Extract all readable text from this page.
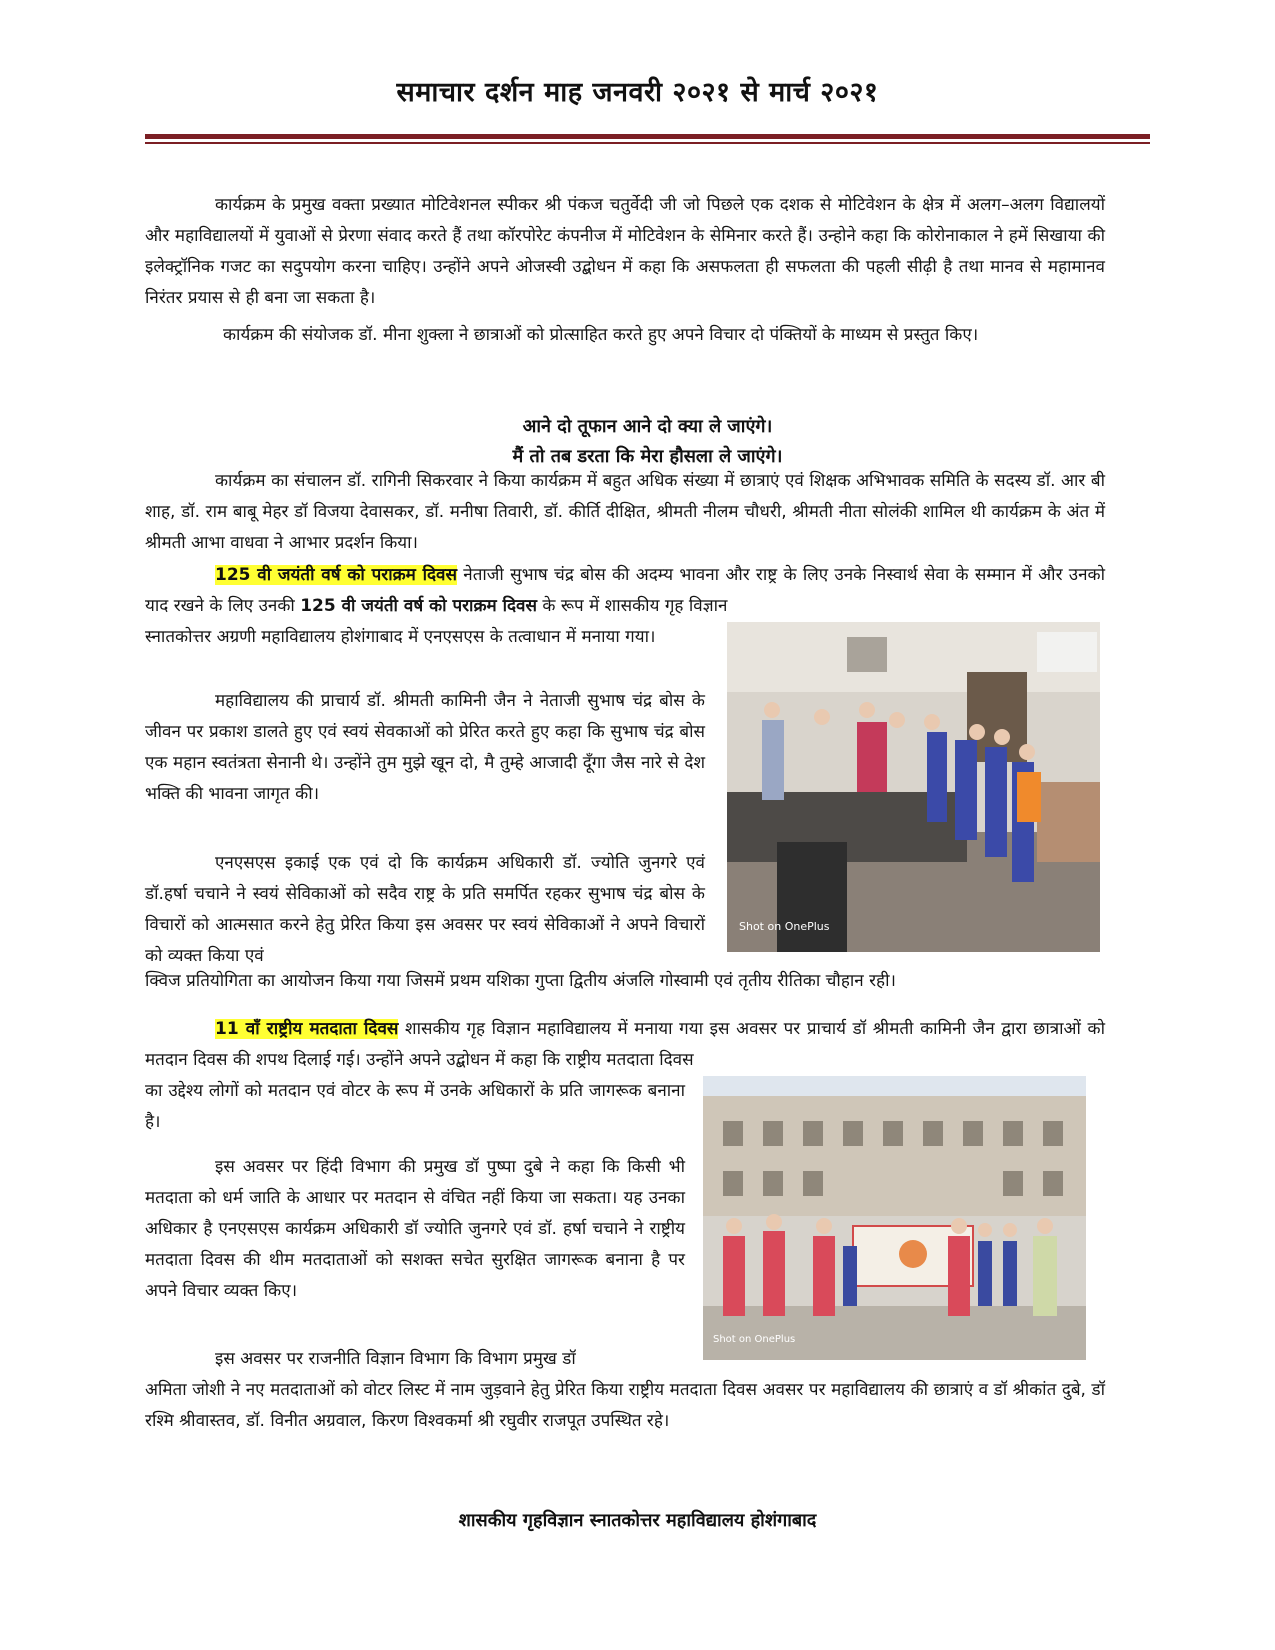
समाचार दर्शन माह जनवरी २०२१ से मार्च २०२१

कार्यक्रम के प्रमुख वक्ता प्रख्यात मोटिवेशनल स्पीकर श्री पंकज चतुर्वेदी जी जो पिछले एक दशक से मोटिवेशन के क्षेत्र में अलग–अलग विद्यालयों और महाविद्यालयों में युवाओं से प्रेरणा संवाद करते हैं तथा कॉरपोरेट कंपनीज में मोटिवेशन के सेमिनार करते हैं। उन्होने कहा कि कोरोनाकाल ने हमें सिखाया की इलेक्ट्रॉनिक गजट का सदुपयोग करना चाहिए। उन्होंने अपने ओजस्वी उद्बोधन में कहा कि असफलता ही सफलता की पहली सीढ़ी है तथा मानव से महामानव निरंतर प्रयास से ही बना जा सकता है।

कार्यक्रम की संयोजक डॉ. मीना शुक्ला ने छात्राओं को प्रोत्साहित करते हुए अपने विचार दो पंक्तियों के माध्यम से प्रस्तुत किए।

आने दो तूफान आने दो क्या ले जाएंगे।
मैं तो तब डरता कि मेरा हौसला ले जाएंगे।

कार्यक्रम का संचालन डॉ. रागिनी सिकरवार ने किया कार्यक्रम में बहुत अधिक संख्या में छात्राएं एवं शिक्षक अभिभावक समिति के सदस्य डॉ. आर बी शाह, डॉ. राम बाबू मेहर डॉ विजया देवासकर, डॉ. मनीषा तिवारी, डॉ. कीर्ति दीक्षित, श्रीमती नीलम चौधरी, श्रीमती नीता सोलंकी शामिल थी कार्यक्रम के अंत में श्रीमती आभा वाधवा ने आभार प्रदर्शन किया।

125 वी जयंती वर्ष को पराक्रम दिवस नेताजी सुभाष चंद्र बोस की अदम्य भावना और राष्ट्र के लिए उनके निस्वार्थ सेवा के सम्मान में और उनको याद रखने के लिए उनकी 125 वी जयंती वर्ष को पराक्रम दिवस के रूप में शासकीय गृह विज्ञान

स्नातकोत्तर अग्रणी महाविद्यालय होशंगाबाद में एनएसएस के तत्वाधान में मनाया गया।

Shot on OnePlus

महाविद्यालय की प्राचार्य डॉ. श्रीमती कामिनी जैन ने नेताजी सुभाष चंद्र बोस के जीवन पर प्रकाश डालते हुए एवं स्वयं सेवकाओं को प्रेरित करते हुए कहा कि सुभाष चंद्र बोस एक महान स्वतंत्रता सेनानी थे। उन्होंने तुम मुझे खून दो, मै तुम्हे आजादी दूँगा जैस नारे से देश भक्ति की भावना जागृत की।

एनएसएस इकाई एक एवं दो कि कार्यक्रम अधिकारी डॉ. ज्योति जुनगरे एवं डॉ.हर्षा चचाने ने स्वयं सेविकाओं को सदैव राष्ट्र के प्रति समर्पित रहकर सुभाष चंद्र बोस के विचारों को आत्मसात करने हेतु प्रेरित किया इस अवसर पर स्वयं सेविकाओं ने अपने विचारों को व्यक्त किया एवं

क्विज प्रतियोगिता का आयोजन किया गया जिसमें प्रथम यशिका गुप्ता द्वितीय अंजलि गोस्वामी एवं तृतीय रीतिका चौहान रही।

11 वॉं राष्ट्रीय मतदाता दिवस शासकीय गृह विज्ञान महाविद्यालय में मनाया गया इस अवसर पर प्राचार्य डॉ श्रीमती कामिनी जैन द्वारा छात्राओं को मतदान दिवस की शपथ दिलाई गई। उन्होंने अपने उद्बोधन में कहा कि राष्ट्रीय मतदाता दिवस

का उद्देश्य लोगों को मतदान एवं वोटर के रूप में उनके अधिकारों के प्रति जागरूक बनाना है।

Shot on OnePlus

इस अवसर पर हिंदी विभाग की प्रमुख डॉ पुष्पा दुबे ने कहा कि किसी भी मतदाता को धर्म जाति के आधार पर मतदान से वंचित नहीं किया जा सकता। यह उनका अधिकार है एनएसएस कार्यक्रम अधिकारी डॉ ज्योति जुनगरे एवं डॉ. हर्षा चचाने ने राष्ट्रीय मतदाता दिवस की थीम मतदाताओं को सशक्त सचेत सुरक्षित जागरूक बनाना है पर अपने विचार व्यक्त किए।

इस अवसर पर राजनीति विज्ञान विभाग कि विभाग प्रमुख डॉ

अमिता जोशी ने नए मतदाताओं को वोटर लिस्ट में नाम जुड़वाने हेतु प्रेरित किया राष्ट्रीय मतदाता दिवस अवसर पर महाविद्यालय की छात्राएं व डॉ श्रीकांत दुबे, डॉ रश्मि श्रीवास्तव, डॉ. विनीत अग्रवाल, किरण विश्वकर्मा श्री रघुवीर राजपूत उपस्थित रहे।

शासकीय गृहविज्ञान स्नातकोत्तर महाविद्यालय होशंगाबाद
